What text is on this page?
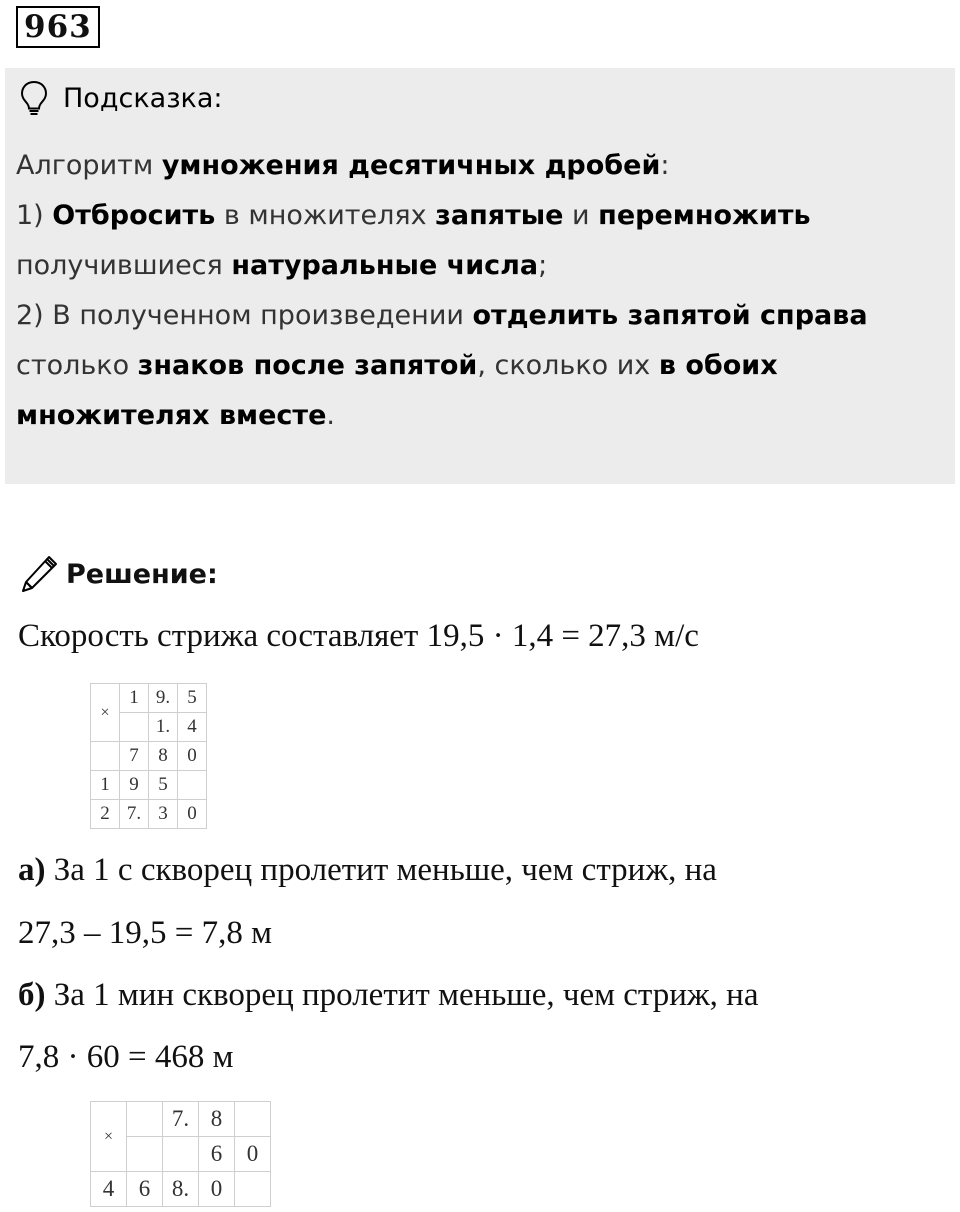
963
Подсказка:
Алгоритм умножения десятичных дробей:
1) Отбросить в множителях запятые и перемножить
получившиеся натуральные числа;
2) В полученном произведении отделить запятой справа
столько знаков после запятой, сколько их в обоих
множителях вместе.
Решение:
Скорость стрижа составляет 19,5 · 1,4 = 27,3 м/с
×	1	9.	5
		1.	4
	7	8	0
1	9	5	
2	7.	3	0
а) За 1 с скворец пролетит меньше, чем стриж, на
27,3 – 19,5 = 7,8 м
б) За 1 мин скворец пролетит меньше, чем стриж, на
7,8 · 60 = 468 м
×		7.	8	
			6	0
4	6	8.	0	
